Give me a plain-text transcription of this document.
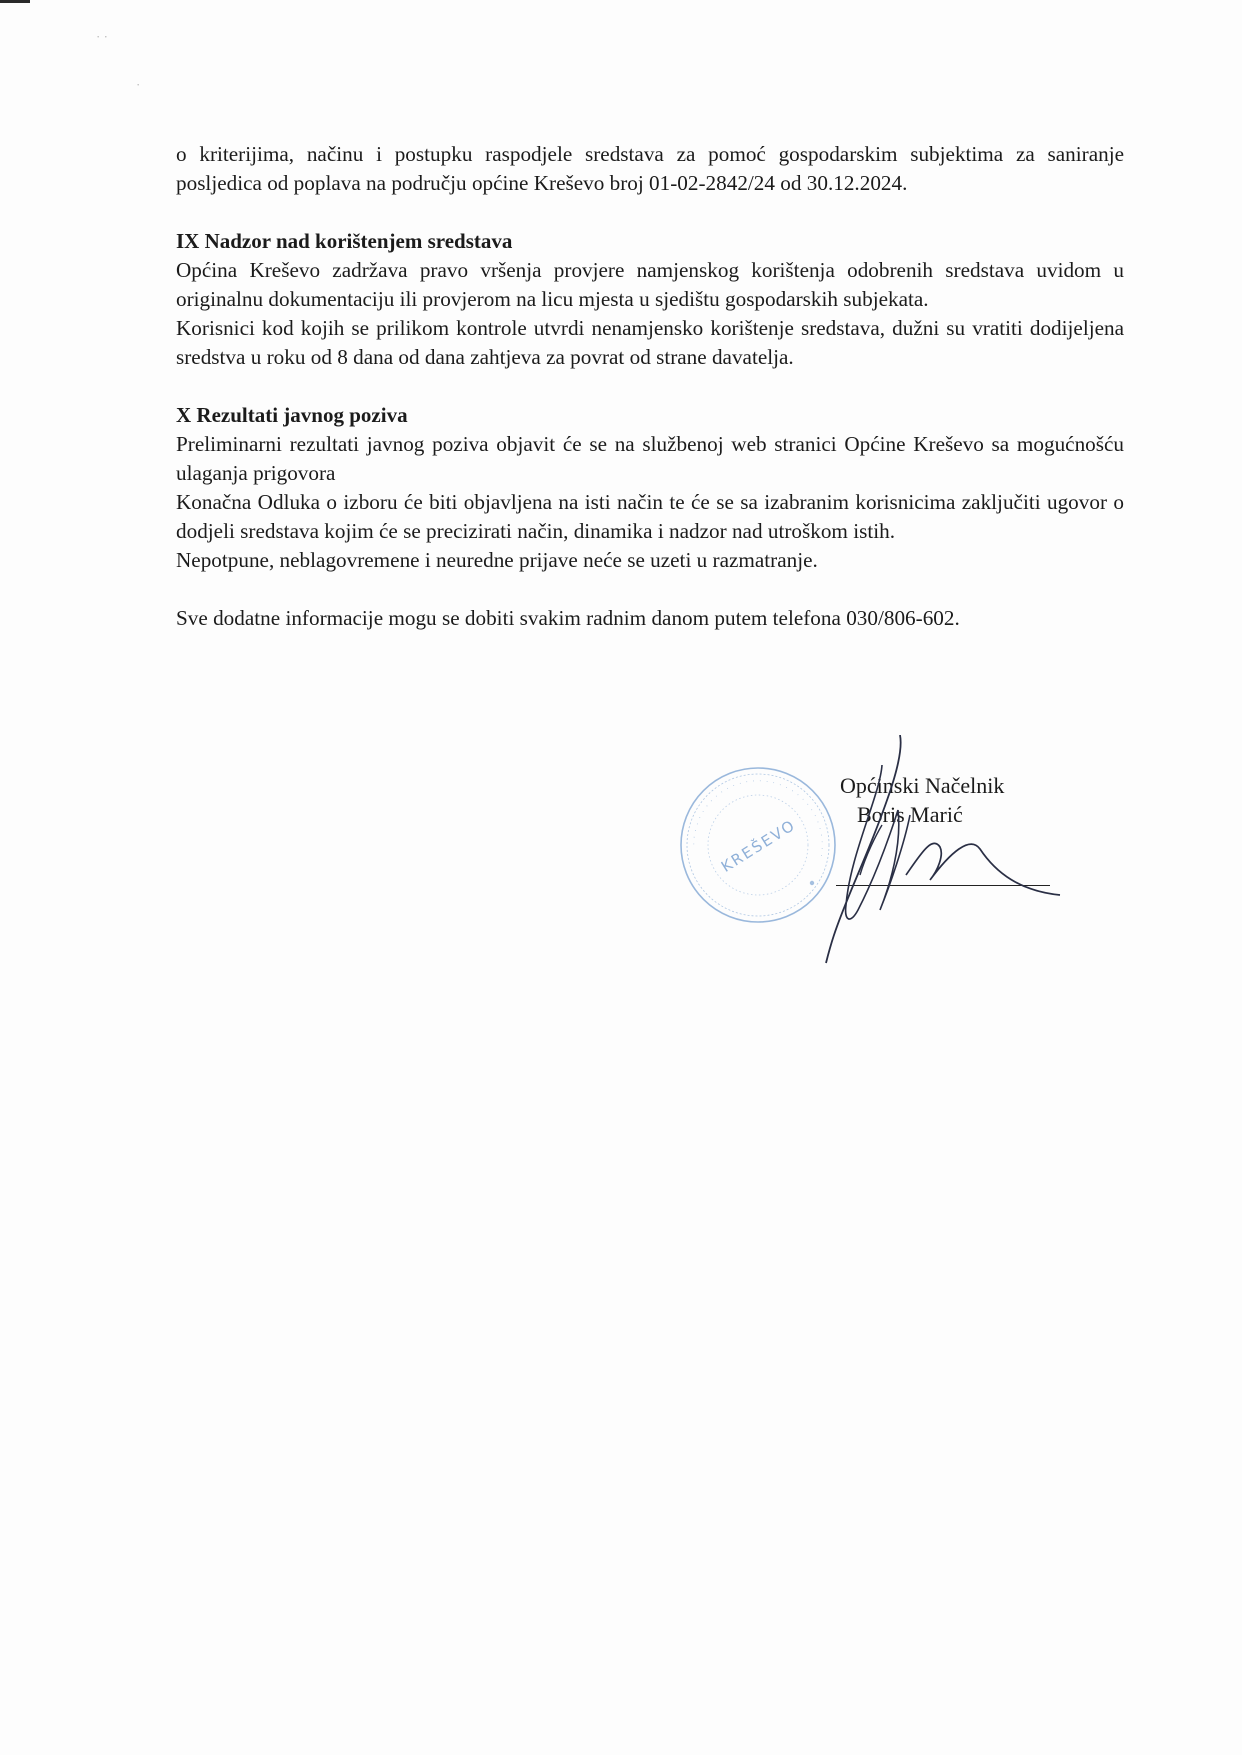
· ·
·

o kriterijima, načinu i postupku raspodjele sredstava za pomoć gospodarskim subjektima za saniranje posljedica od poplava na području općine Kreševo broj 01-02-2842/24 od 30.12.2024.

IX Nadzor nad korištenjem sredstava

Općina Kreševo zadržava pravo vršenja provjere namjenskog korištenja odobrenih sredstava uvidom u originalnu dokumentaciju ili provjerom na licu mjesta u sjedištu gospodarskih subjekata.

Korisnici kod kojih se prilikom kontrole utvrdi nenamjensko korištenje sredstava, dužni su vratiti dodijeljena sredstva u roku od 8 dana od dana zahtjeva za povrat od strane davatelja.

X Rezultati javnog poziva

Preliminarni rezultati javnog poziva objavit će se na službenoj web stranici Općine Kreševo sa mogućnošću ulaganja prigovora

Konačna Odluka o izboru će biti objavljena na isti način te će se sa izabranim korisnicima zaključiti ugovor o dodjeli sredstava kojim će se precizirati način, dinamika i nadzor nad utroškom istih.

Nepotpune, neblagovremene i neuredne prijave neće se uzeti u razmatranje.

Sve dodatne informacije mogu se dobiti svakim radnim danom putem telefona 030/806-602.

· · · · · · · · · · · · · · · · · · · · · · · · · · · · · · · ·
KREŠEVO
Općinski Načelnik
Boris Marić
